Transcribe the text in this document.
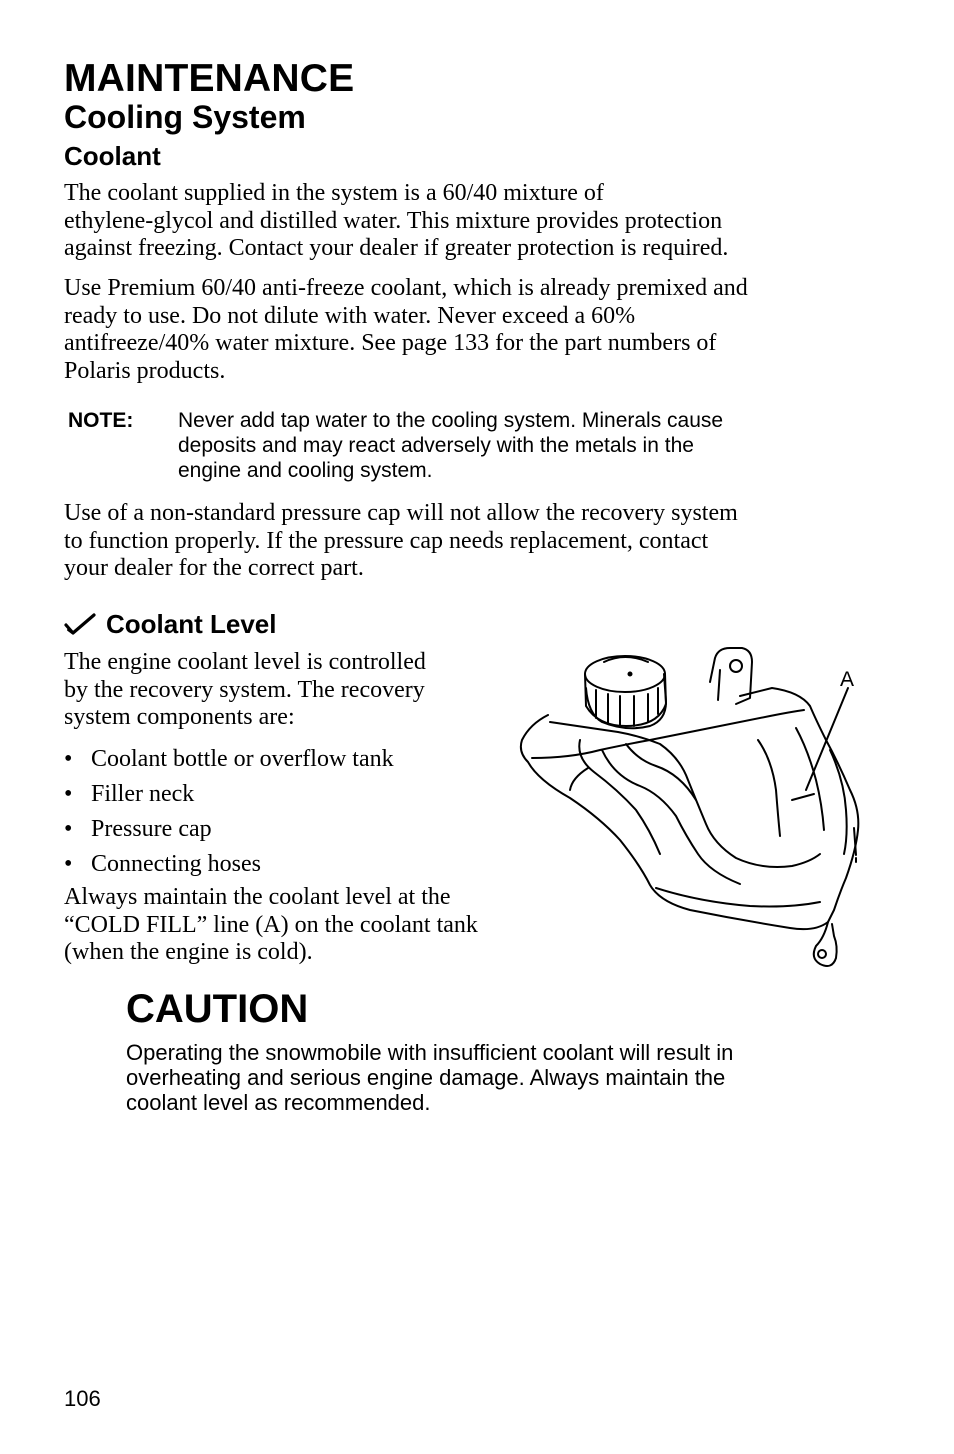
MAINTENANCE
Cooling System
Coolant

The coolant supplied in the system is a 60/40 mixture of
ethylene-glycol and distilled water. This mixture provides protection
against freezing. Contact your dealer if greater protection is required.

Use Premium 60/40 anti-freeze coolant, which is already premixed and
ready to use. Do not dilute with water. Never exceed a 60%
antifreeze/40% water mixture. See page 133 for the part numbers of
Polaris products.

NOTE: Never add tap water to the cooling system. Minerals cause
deposits and may react adversely with the metals in the
engine and cooling system.

Use of a non-standard pressure cap will not allow the recovery system
to function properly. If the pressure cap needs replacement, contact
your dealer for the correct part.

Coolant Level

The engine coolant level is controlled
by the recovery system. The recovery
system components are:

• Coolant bottle or overflow tank
• Filler neck
• Pressure cap
• Connecting hoses

Always maintain the coolant level at the
“COLD FILL” line (A) on the coolant tank
(when the engine is cold).

A
CAUTION

Operating the snowmobile with insufficient coolant will result in
overheating and serious engine damage. Always maintain the
coolant level as recommended.

106
